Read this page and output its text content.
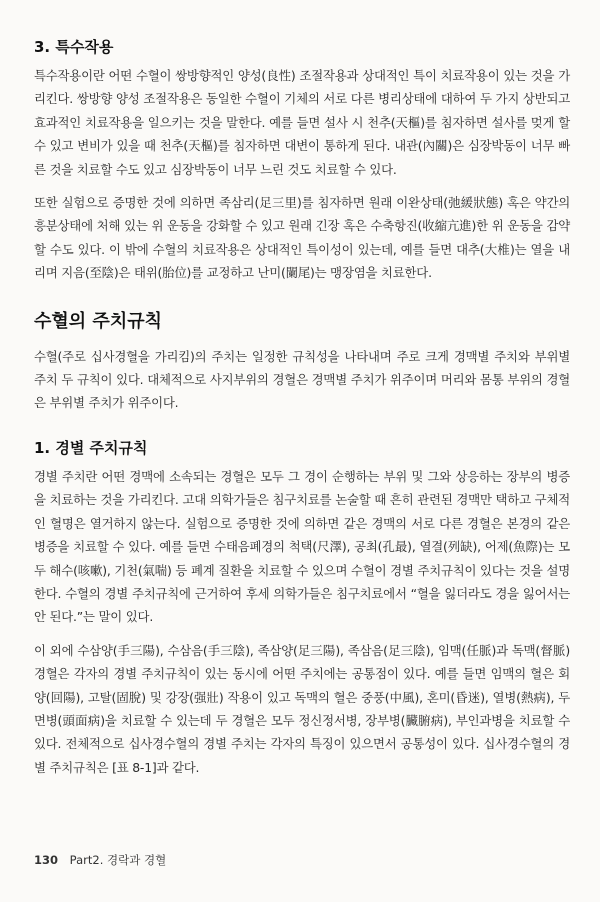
3. 특수작용

특수작용이란 어떤 수혈이 쌍방향적인 양성(良性) 조절작용과 상대적인 특이 치료작용이 있는 것을 가리킨다. 쌍방향 양성 조절작용은 동일한 수혈이 기체의 서로 다른 병리상태에 대하여 두 가지 상반되고 효과적인 치료작용을 일으키는 것을 말한다. 예를 들면 설사 시 천추(天樞)를 침자하면 설사를 멎게 할 수 있고 변비가 있을 때 천추(天樞)를 침자하면 대변이 통하게 된다. 내관(內關)은 심장박동이 너무 빠른 것을 치료할 수도 있고 심장박동이 너무 느린 것도 치료할 수 있다.

또한 실험으로 증명한 것에 의하면 족삼리(足三里)를 침자하면 원래 이완상태(弛緩狀態) 혹은 약간의 흥분상태에 처해 있는 위 운동을 강화할 수 있고 원래 긴장 혹은 수축항진(收縮亢進)한 위 운동을 감약할 수도 있다. 이 밖에 수혈의 치료작용은 상대적인 특이성이 있는데, 예를 들면 대추(大椎)는 열을 내리며 지음(至陰)은 태위(胎位)를 교정하고 난미(闌尾)는 맹장염을 치료한다.

수혈의 주치규칙

수혈(주로 십사경혈을 가리킴)의 주치는 일정한 규칙성을 나타내며 주로 크게 경맥별 주치와 부위별 주치 두 규칙이 있다. 대체적으로 사지부위의 경혈은 경맥별 주치가 위주이며 머리와 몸통 부위의 경혈은 부위별 주치가 위주이다.

1. 경별 주치규칙

경별 주치란 어떤 경맥에 소속되는 경혈은 모두 그 경이 순행하는 부위 및 그와 상응하는 장부의 병증을 치료하는 것을 가리킨다. 고대 의학가들은 침구치료를 논술할 때 흔히 관련된 경맥만 택하고 구체적인 혈명은 열거하지 않는다. 실험으로 증명한 것에 의하면 같은 경맥의 서로 다른 경혈은 본경의 같은 병증을 치료할 수 있다. 예를 들면 수태음폐경의 척택(尺澤), 공최(孔最), 열결(列缺), 어제(魚際)는 모두 해수(咳嗽), 기천(氣喘) 등 폐계 질환을 치료할 수 있으며 수혈이 경별 주치규칙이 있다는 것을 설명한다. 수혈의 경별 주치규칙에 근거하여 후세 의학가들은 침구치료에서 “혈을 잃더라도 경을 잃어서는 안 된다.”는 말이 있다.

이 외에 수삼양(手三陽), 수삼음(手三陰), 족삼양(足三陽), 족삼음(足三陰), 임맥(任脈)과 독맥(督脈) 경혈은 각자의 경별 주치규칙이 있는 동시에 어떤 주치에는 공통점이 있다. 예를 들면 임맥의 혈은 회양(回陽), 고탈(固脫) 및 강장(强壯) 작용이 있고 독맥의 혈은 중풍(中風), 혼미(昏迷), 열병(熱病), 두면병(頭面病)을 치료할 수 있는데 두 경혈은 모두 정신정서병, 장부병(臟腑病), 부인과병을 치료할 수 있다. 전체적으로 십사경수혈의 경별 주치는 각자의 특징이 있으면서 공통성이 있다. 십사경수혈의 경별 주치규칙은 [표 8-1]과 같다.

130 Part2. 경락과 경혈
